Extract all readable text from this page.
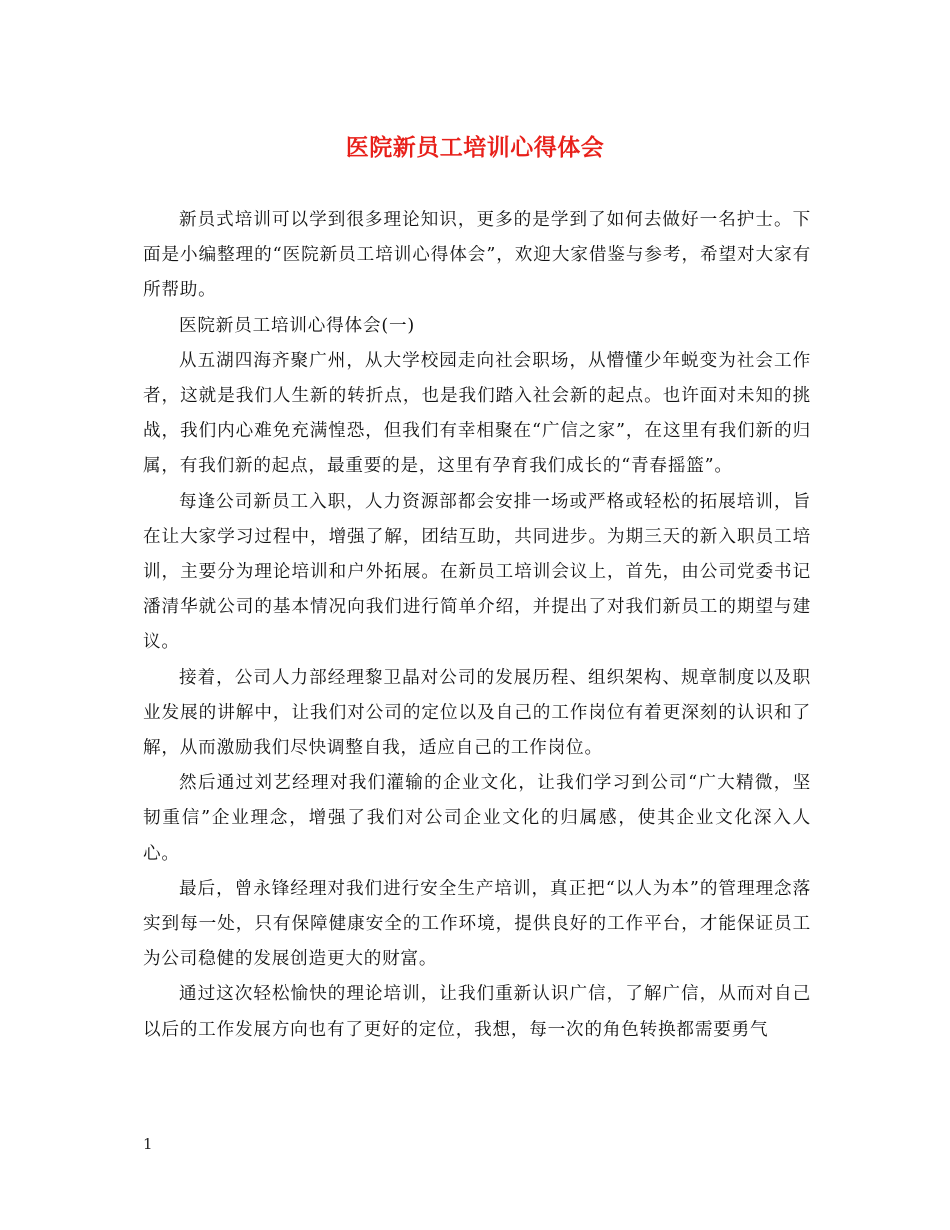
医院新员工培训心得体会

新员式培训可以学到很多理论知识，更多的是学到了如何去做好一名护士。下面是小编整理的“医院新员工培训心得体会”，欢迎大家借鉴与参考，希望对大家有所帮助。

医院新员工培训心得体会(一)

从五湖四海齐聚广州，从大学校园走向社会职场，从懵懂少年蜕变为社会工作者，这就是我们人生新的转折点，也是我们踏入社会新的起点。也许面对未知的挑战，我们内心难免充满惶恐，但我们有幸相聚在“广信之家”，在这里有我们新的归属，有我们新的起点，最重要的是，这里有孕育我们成长的“青春摇篮”。

每逢公司新员工入职，人力资源部都会安排一场或严格或轻松的拓展培训，旨在让大家学习过程中，增强了解，团结互助，共同进步。为期三天的新入职员工培训，主要分为理论培训和户外拓展。在新员工培训会议上，首先，由公司党委书记潘清华就公司的基本情况向我们进行简单介绍，并提出了对我们新员工的期望与建议。

接着，公司人力部经理黎卫晶对公司的发展历程、组织架构、规章制度以及职业发展的讲解中，让我们对公司的定位以及自己的工作岗位有着更深刻的认识和了解，从而激励我们尽快调整自我，适应自己的工作岗位。

然后通过刘艺经理对我们灌输的企业文化，让我们学习到公司“广大精微，坚韧重信”企业理念，增强了我们对公司企业文化的归属感，使其企业文化深入人心。

最后，曾永锋经理对我们进行安全生产培训，真正把“以人为本”的管理理念落实到每一处，只有保障健康安全的工作环境，提供良好的工作平台，才能保证员工为公司稳健的发展创造更大的财富。

通过这次轻松愉快的理论培训，让我们重新认识广信，了解广信，从而对自己以后的工作发展方向也有了更好的定位，我想，每一次的角色转换都需要勇气

1
